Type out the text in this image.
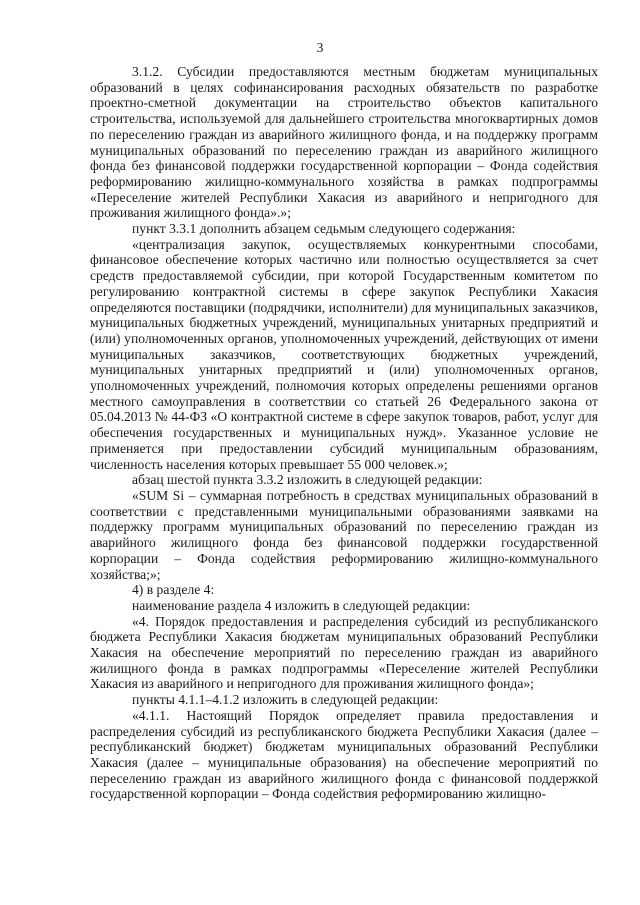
3

3.1.2. Субсидии предоставляются местным бюджетам муниципальных образований в целях софинансирования расходных обязательств по разработке проектно-сметной документации на строительство объектов капитального строительства, используемой для дальнейшего строительства многоквартирных домов по переселению граждан из аварийного жилищного фонда, и на поддержку программ муниципальных образований по переселению граждан из аварийного жилищного фонда без финансовой поддержки государственной корпорации – Фонда содействия реформированию жилищно-коммунального хозяйства в рамках подпрограммы «Переселение жителей Республики Хакасия из аварийного и непригодного для проживания жилищного фонда».»;

пункт 3.3.1 дополнить абзацем седьмым следующего содержания:

«централизация закупок, осуществляемых конкурентными способами, финансовое обеспечение которых частично или полностью осуществляется за счет средств предоставляемой субсидии, при которой Государственным комитетом по регулированию контрактной системы в сфере закупок Республики Хакасия определяются поставщики (подрядчики, исполнители) для муниципальных заказчиков, муниципальных бюджетных учреждений, муниципальных унитарных предприятий и (или) уполномоченных органов, уполномоченных учреждений, действующих от имени муниципальных заказчиков, соответствующих бюджетных учреждений, муниципальных унитарных предприятий и (или) уполномоченных органов, уполномоченных учреждений, полномочия которых определены решениями органов местного самоуправления в соответствии со статьей 26 Федерального закона от 05.04.2013 № 44-ФЗ «О контрактной системе в сфере закупок товаров, работ, услуг для обеспечения государственных и муниципальных нужд». Указанное условие не применяется при предоставлении субсидий муниципальным образованиям, численность населения которых превышает 55 000 человек.»;

абзац шестой пункта 3.3.2 изложить в следующей редакции:

«SUM Si – суммарная потребность в средствах муниципальных образований в соответствии с представленными муниципальными образованиями заявками на поддержку программ муниципальных образований по переселению граждан из аварийного жилищного фонда без финансовой поддержки государственной корпорации – Фонда содействия реформированию жилищно-коммунального хозяйства;»;

4) в разделе 4:

наименование раздела 4 изложить в следующей редакции:

«4. Порядок предоставления и распределения субсидий из республиканского бюджета Республики Хакасия бюджетам муниципальных образований Республики Хакасия на обеспечение мероприятий по переселению граждан из аварийного жилищного фонда в рамках подпрограммы «Переселение жителей Республики Хакасия из аварийного и непригодного для проживания жилищного фонда»;

пункты 4.1.1–4.1.2 изложить в следующей редакции:

«4.1.1. Настоящий Порядок определяет правила предоставления и распределения субсидий из республиканского бюджета Республики Хакасия (далее – республиканский бюджет) бюджетам муниципальных образований Республики Хакасия (далее – муниципальные образования) на обеспечение мероприятий по переселению граждан из аварийного жилищного фонда с финансовой поддержкой государственной корпорации – Фонда содействия реформированию жилищно-
